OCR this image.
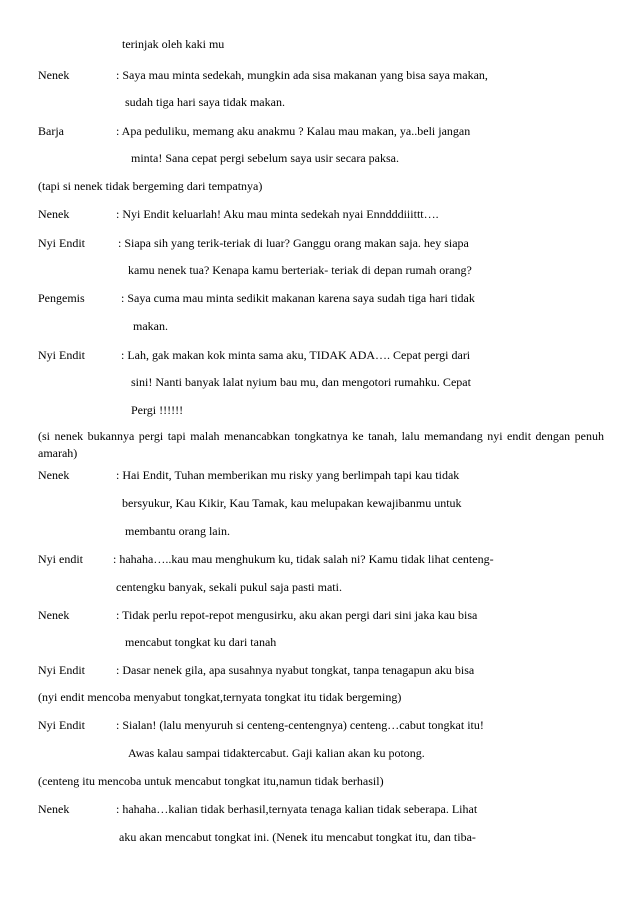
terinjak oleh kaki mu
Nenek	: Saya mau minta sedekah, mungkin ada sisa makanan yang bisa saya makan,
sudah tiga hari saya tidak makan.
Barja	: Apa peduliku, memang aku anakmu ? Kalau mau makan, ya..beli jangan
minta! Sana cepat pergi sebelum saya usir secara paksa.
(tapi si nenek tidak bergeming dari tempatnya)
Nenek	: Nyi Endit keluarlah! Aku mau minta sedekah nyai Enndddiiittt….
Nyi Endit	: Siapa sih yang terik-teriak di luar? Ganggu orang makan saja. hey siapa
kamu nenek tua? Kenapa kamu berteriak- teriak di depan rumah orang?
Pengemis	: Saya cuma mau minta sedikit makanan karena saya sudah tiga hari tidak
makan.
Nyi Endit	: Lah, gak makan kok minta sama aku, TIDAK ADA…. Cepat pergi dari
sini! Nanti banyak lalat nyium bau mu, dan mengotori rumahku. Cepat
Pergi !!!!!!
(si nenek bukannya pergi tapi malah menancabkan tongkatnya ke tanah, lalu memandang nyi endit dengan penuh amarah)
Nenek	: Hai Endit, Tuhan memberikan mu risky yang berlimpah tapi kau tidak
bersyukur, Kau Kikir, Kau Tamak, kau melupakan kewajibanmu untuk
membantu orang lain.
Nyi endit	: hahaha…..kau mau menghukum ku, tidak salah ni? Kamu tidak lihat centeng-
centengku banyak, sekali pukul saja pasti mati.
Nenek	: Tidak perlu repot-repot mengusirku, aku akan pergi dari sini jaka kau bisa
mencabut tongkat ku dari tanah
Nyi Endit	: Dasar nenek gila, apa susahnya nyabut tongkat, tanpa tenagapun aku bisa
(nyi endit mencoba menyabut tongkat,ternyata tongkat itu tidak bergeming)
Nyi Endit	: Sialan! (lalu menyuruh si centeng-centengnya) centeng…cabut tongkat itu!
Awas kalau sampai tidaktercabut. Gaji kalian akan ku potong.
(centeng itu mencoba untuk mencabut tongkat itu,namun tidak berhasil)
Nenek	: hahaha…kalian tidak berhasil,ternyata tenaga kalian tidak seberapa. Lihat
aku akan mencabut tongkat ini. (Nenek itu mencabut tongkat itu, dan tiba-
